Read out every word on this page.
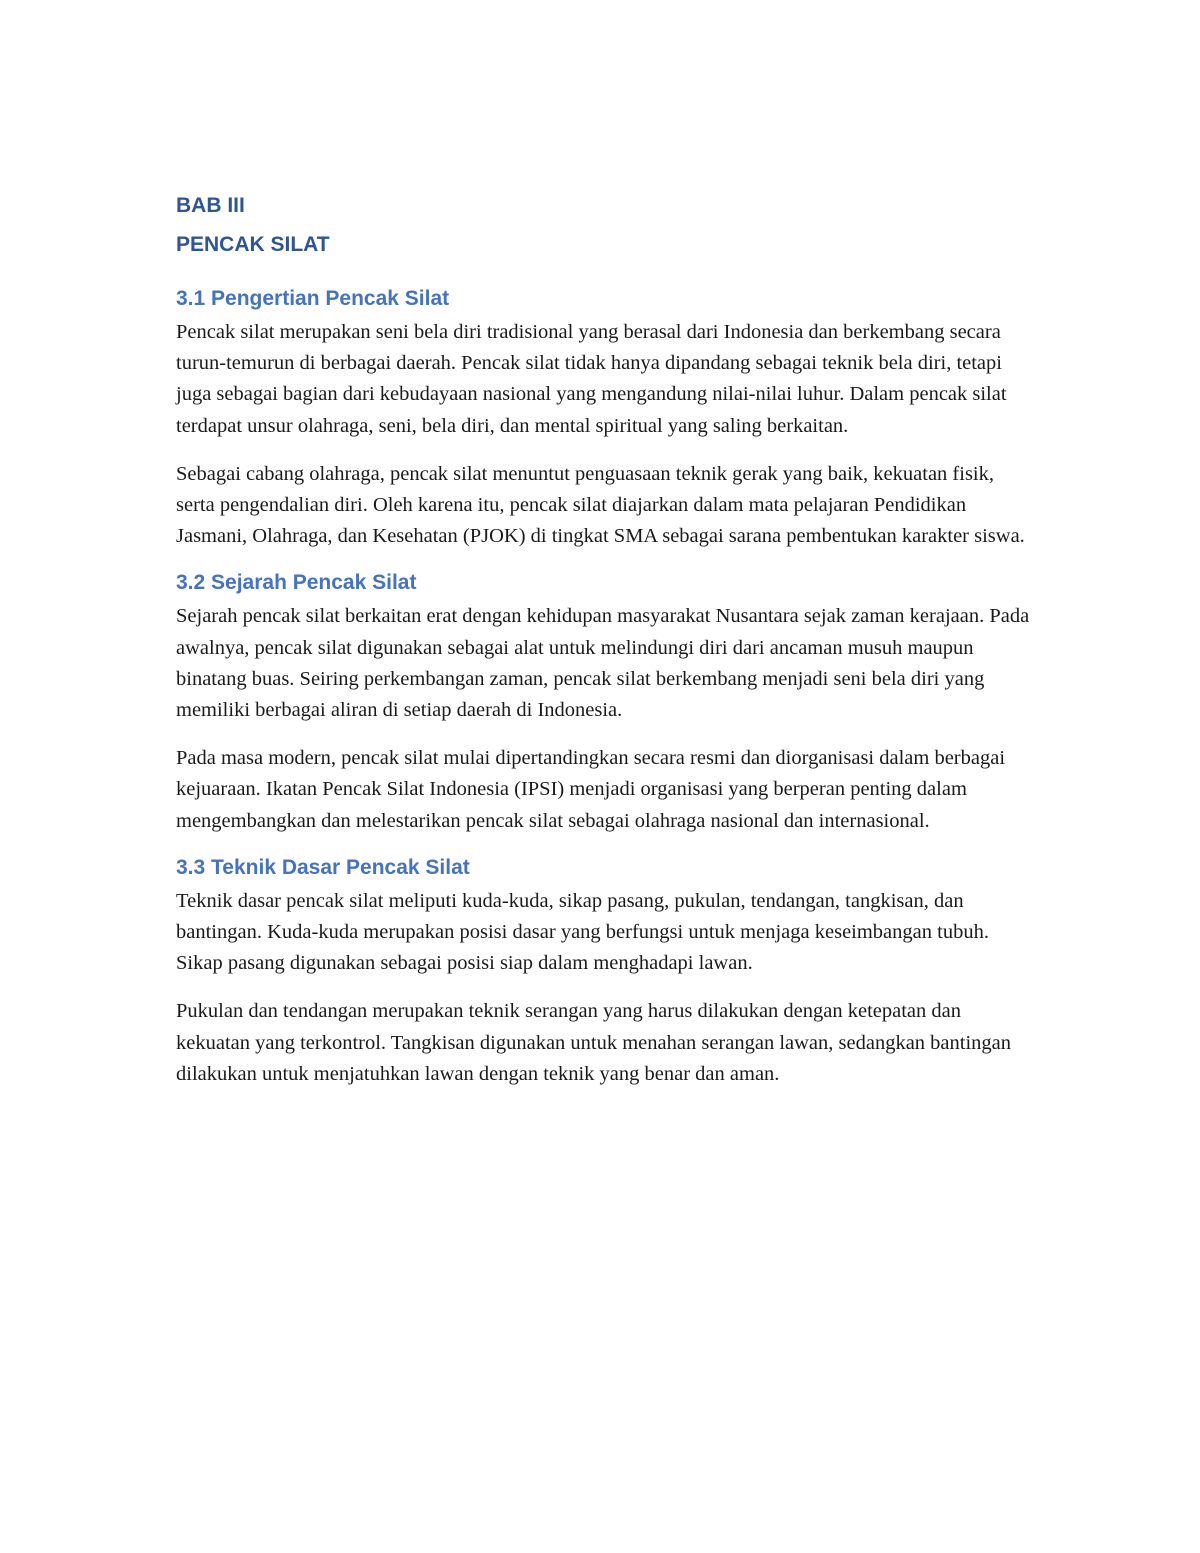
BAB III
PENCAK SILAT
3.1 Pengertian Pencak Silat

Pencak silat merupakan seni bela diri tradisional yang berasal dari Indonesia dan berkembang secara turun-temurun di berbagai daerah. Pencak silat tidak hanya dipandang sebagai teknik bela diri, tetapi juga sebagai bagian dari kebudayaan nasional yang mengandung nilai-nilai luhur. Dalam pencak silat terdapat unsur olahraga, seni, bela diri, dan mental spiritual yang saling berkaitan.

Sebagai cabang olahraga, pencak silat menuntut penguasaan teknik gerak yang baik, kekuatan fisik, serta pengendalian diri. Oleh karena itu, pencak silat diajarkan dalam mata pelajaran Pendidikan Jasmani, Olahraga, dan Kesehatan (PJOK) di tingkat SMA sebagai sarana pembentukan karakter siswa.

3.2 Sejarah Pencak Silat

Sejarah pencak silat berkaitan erat dengan kehidupan masyarakat Nusantara sejak zaman kerajaan. Pada awalnya, pencak silat digunakan sebagai alat untuk melindungi diri dari ancaman musuh maupun binatang buas. Seiring perkembangan zaman, pencak silat berkembang menjadi seni bela diri yang memiliki berbagai aliran di setiap daerah di Indonesia.

Pada masa modern, pencak silat mulai dipertandingkan secara resmi dan diorganisasi dalam berbagai kejuaraan. Ikatan Pencak Silat Indonesia (IPSI) menjadi organisasi yang berperan penting dalam mengembangkan dan melestarikan pencak silat sebagai olahraga nasional dan internasional.

3.3 Teknik Dasar Pencak Silat

Teknik dasar pencak silat meliputi kuda-kuda, sikap pasang, pukulan, tendangan, tangkisan, dan bantingan. Kuda-kuda merupakan posisi dasar yang berfungsi untuk menjaga keseimbangan tubuh. Sikap pasang digunakan sebagai posisi siap dalam menghadapi lawan.

Pukulan dan tendangan merupakan teknik serangan yang harus dilakukan dengan ketepatan dan kekuatan yang terkontrol. Tangkisan digunakan untuk menahan serangan lawan, sedangkan bantingan dilakukan untuk menjatuhkan lawan dengan teknik yang benar dan aman.
